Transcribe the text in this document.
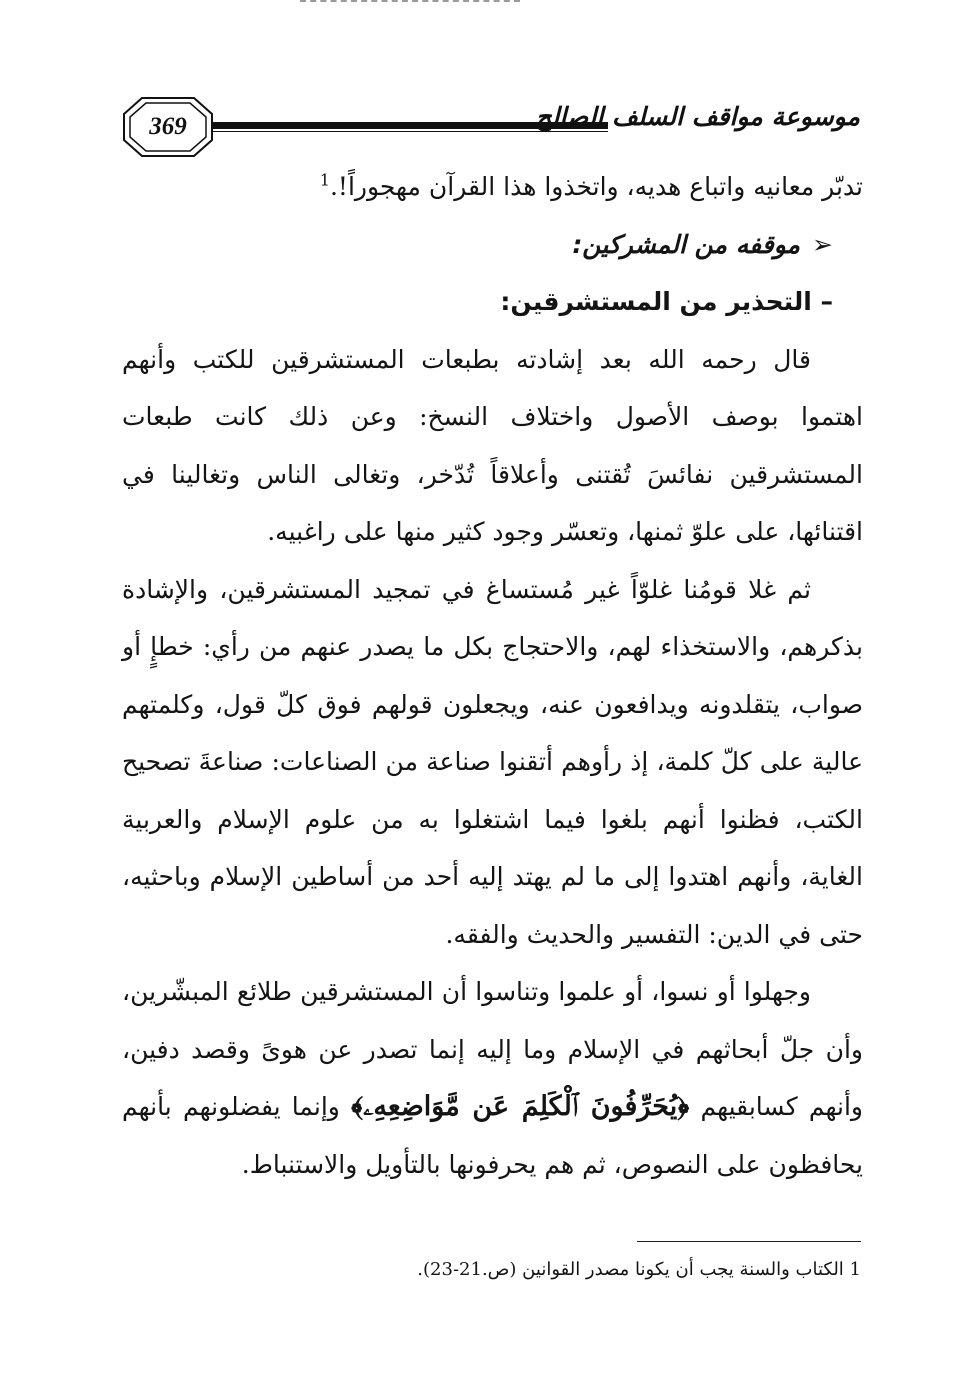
369	موسوعة مواقف السلف الصالح

تدبّر معانيه واتباع هديه، واتخذوا هذا القرآن مهجوراً!.$^1$

➢موقفه من المشركين:

– التحذير من المستشرقين:

قال رحمه الله بعد إشادته بطبعات المستشرقين للكتب وأنهم اهتموا بوصف الأصول واختلاف النسخ: وعن ذلك كانت طبعات المستشرقين نفائسَ تُقتنى وأعلاقاً تُدّخر، وتغالى الناس وتغالينا في اقتنائها، على علوّ ثمنها، وتعسّر وجود كثير منها على راغبيه.

ثم غلا قومُنا غلوّاً غير مُستساغ في تمجيد المستشرقين، والإشادة بذكرهم، والاستخذاء لهم، والاحتجاج بكل ما يصدر عنهم من رأي: خطإٍ أو صواب، يتقلدونه ويدافعون عنه، ويجعلون قولهم فوق كلّ قول، وكلمتهم عالية على كلّ كلمة، إذ رأوهم أتقنوا صناعة من الصناعات: صناعةَ تصحيح الكتب، فظنوا أنهم بلغوا فيما اشتغلوا به من علوم الإسلام والعربية الغاية، وأنهم اهتدوا إلى ما لم يهتد إليه أحد من أساطين الإسلام وباحثيه، حتى في الدين: التفسير والحديث والفقه.

وجهلوا أو نسوا، أو علموا وتناسوا أن المستشرقين طلائع المبشّرين، وأن جلّ أبحاثهم في الإسلام وما إليه إنما تصدر عن هوىً وقصد دفين، وأنهم كسابقيهم ﴿يُحَرِّفُونَ ٱلْكَلِمَ عَن مَّوَاضِعِهِۦ﴾ وإنما يفضلونهم بأنهم يحافظون على النصوص، ثم هم يحرفونها بالتأويل والاستنباط.

1 الكتاب والسنة يجب أن يكونا مصدر القوانين (ص.21-23).
